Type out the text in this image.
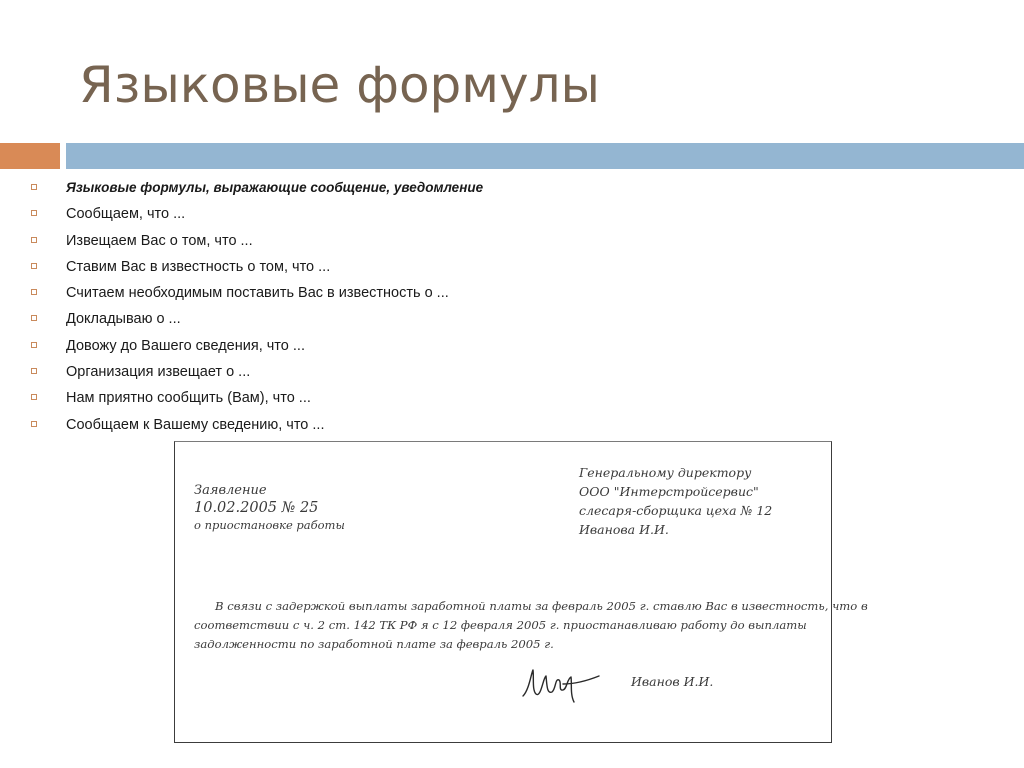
Языковые формулы
Языковые формулы, выражающие сообщение, уведомление
Сообщаем, что ...
Извещаем Вас о том, что ...
Ставим Вас в известность о том, что ...
Считаем необходимым поставить Вас в известность о ...
Докладываю о ...
Довожу до Вашего сведения, что ...
Организация извещает о ...
Нам приятно сообщить (Вам), что ...
Сообщаем к Вашему сведению, что ...
Заявление
10.02.2005 № 25
о приостановке работы
Генеральному директору
ООО "Интерстройсервис"
слесаря-сборщика цеха № 12
Иванова И.И.
В связи с задержкой выплаты заработной платы за февраль 2005 г. ставлю Вас в известность, что в
соответствии с ч. 2 ст. 142 ТК РФ я с 12 февраля 2005 г. приостанавливаю работу до выплаты
задолженности по заработной плате за февраль 2005 г.
Иванов И.И.
